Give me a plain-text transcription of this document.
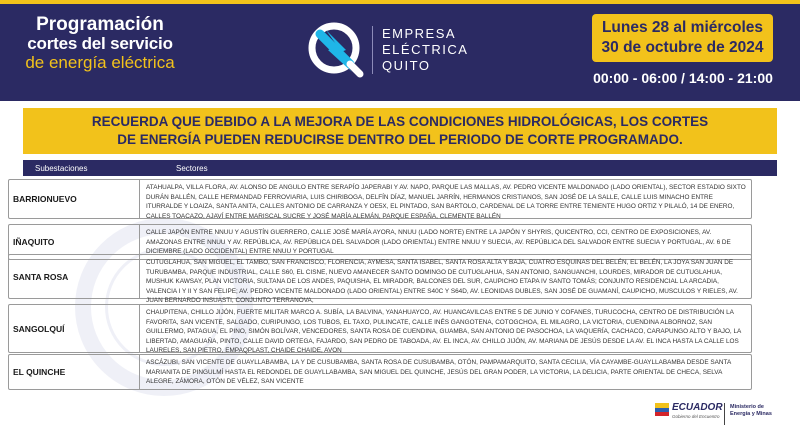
Programación
cortes del servicio
de energía eléctrica
EMPRESA
ELÉCTRICA
QUITO
Lunes 28 al miércoles
30 de octubre de 2024
00:00 - 06:00 / 14:00 - 21:00
RECUERDA QUE DEBIDO A LA MEJORA DE LAS CONDICIONES HIDROLÓGICAS, LOS CORTES
DE ENERGÍA PUEDEN REDUCIRSE DENTRO DEL PERIODO DE CORTE PROGRAMADO.
Subestaciones	Sectores
BARRIONUEVO
ATAHUALPA, VILLA FLORA, AV. ALONSO DE ANGULO ENTRE SERAPÍO JAPERABI Y AV. NAPO, PARQUE LAS MALLAS, AV. PEDRO VICENTE MALDONADO (LADO ORIENTAL), SECTOR ESTADIO SIXTO DURÁN BALLÉN, CALLE HERMANDAD FERROVIARIA, LUIS CHIRIBOGA, DELFÍN DÍAZ, MANUEL JARRÍN, HERMANOS CRISTIANOS, SAN JOSÉ DE LA SALLE, CALLE LUIS MINACHO ENTRE ITURRALDE Y LOAIZA, SANTA ANITA, CALLES ANTONIO DE CARRANZA Y OE5X, EL PINTADO, SAN BARTOLO, CARDENAL DE LA TORRE ENTRE TENIENTE HUGO ORTIZ Y PILALÓ, 14 DE ENERO, CALLES TOACAZO, AJAVÍ ENTRE MARISCAL SUCRE Y JOSÉ MARÍA ALEMÁN, PARQUE ESPAÑA, CLEMENTE BALLÉN
IÑAQUITO
CALLE JAPÓN ENTRE NNUU Y AGUSTÍN GUERRERO, CALLE JOSÉ MARÍA AYORA, NNUU (LADO NORTE) ENTRE LA JAPÓN Y SHYRIS, QUICENTRO, CCI, CENTRO DE EXPOSICIONES, AV. AMAZONAS ENTRE NNUU Y AV. REPÚBLICA, AV. REPÚBLICA DEL SALVADOR (LADO ORIENTAL) ENTRE NNUU Y SUECIA, AV. REPÚBLICA DEL SALVADOR ENTRE SUECIA Y PORTUGAL, AV. 6 DE DICIEMBRE (LADO OCCIDENTAL) ENTRE NNUU Y PORTUGAL
SANTA ROSA
CUTUGLAHUA, SAN MIGUEL, EL TAMBO, SAN FRANCISCO, FLORENCIA, AYMESA, SANTA ISABEL, SANTA ROSA ALTA Y BAJA, CUATRO ESQUINAS DEL BELÉN, EL BELÉN, LA JOYA SAN JUAN DE TURUBAMBA, PARQUE INDUSTRIAL, CALLE S60, EL CISNE, NUEVO AMANECER SANTO DOMINGO DE CUTUGLAHUA, SAN ANTONIO, SANGUANCHI, LOURDES, MIRADOR DE CUTUGLAHUA, MUSHUK KAWSAY, PLAN VICTORIA, SULTANA DE LOS ANDES, PAQUISHA, EL MIRADOR, BALCONES DEL SUR, CAUPICHO ETAPA IV SANTO TOMÁS; CONJUNTO RESIDENCIAL LA ARCADIA, VALENCIA I Y II Y SAN FELIPE; AV. PEDRO VICENTE MALDONADO (LADO ORIENTAL) ENTRE S40C Y S64D, AV. LEONIDAS DUBLES, SAN JOSÉ DE GUAMANÍ, CAUPICHO, MUSCULOS Y RIELES, AV. JUAN BERNARDO INSUASTI, CONJUNTO TERRANOVA,
SANGOLQUÍ
CHAUPITENA, CHILLO JIJÓN, FUERTE MILITAR MARCO A. SUBÍA, LA BALVINA, YANAHUAYCO, AV. HUANCAVILCAS ENTRE 5 DE JUNIO Y COFANES, TURUCOCHA, CENTRO DE DISTRIBUCIÓN LA FAVORITA, SAN VICENTE, SALGADO, CURIPUNGO, LOS TUBOS, EL TAXO, PULINCATE, CALLE INÉS GANGOTENA, COTOGCHOA, EL MILAGRO, LA VICTORIA, CUENDINA ALBORNOZ, SAN GUILLERMO, PATAGUA, EL PINO, SIMÓN BOLÍVAR, VENCEDORES, SANTA ROSA DE CUENDINA, GUAMBA, SAN ANTONIO DE PASOCHOA, LA VAQUERÍA, CACHACO, CARAPUNGO ALTO Y BAJO, LA LIBERTAD, AMAGUAÑA, PINTO, CALLE DAVID ORTEGA, FAJARDO, SAN PEDRO DE TABOADA, AV. EL INCA, AV. CHILLO JIJÓN, AV. MARIANA DE JESÚS DESDE LA AV. EL INCA HASTA LA CALLE LOS LAURELES, SAN PIETRO, EMPAQPLAST, CHAIDE CHAIDE, AVON
EL QUINCHE
ASCÁZUBI, SAN VICENTE DE GUAYLLABAMBA, LA Y DE CUSUBAMBA, SANTA ROSA DE CUSUBAMBA, OTÓN, PAMPAMARQUITO, SANTA CECILIA, VÍA CAYAMBE-GUAYLLABAMBA DESDE SANTA MARIANITA DE PINGULMÍ HASTA EL REDONDEL DE GUAYLLABAMBA, SAN MIGUEL DEL QUINCHE, JESÚS DEL GRAN PODER, LA VICTORIA, LA DELICIA, PARTE ORIENTAL DE CHECA, SELVA ALEGRE, ZÁMORA, OTÓN DE VÉLEZ, SAN VICENTE
ECUADOR
Gobierno del Encuentro
Ministerio de
Energía y Minas
